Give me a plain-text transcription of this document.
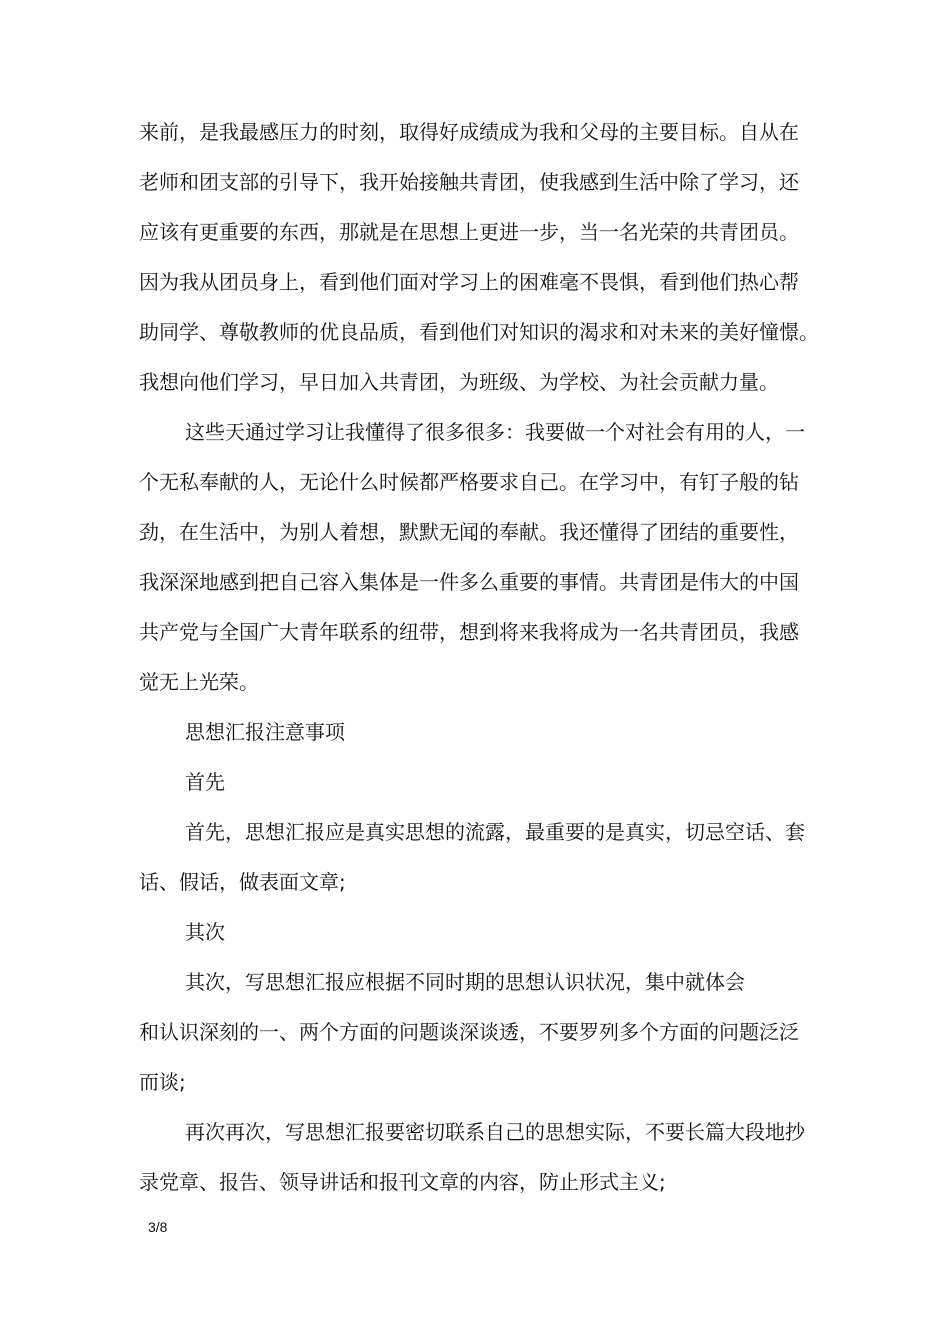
来前，是我最感压力的时刻，取得好成绩成为我和父母的主要目标。自从在
老师和团支部的引导下，我开始接触共青团，使我感到生活中除了学习，还
应该有更重要的东西，那就是在思想上更进一步，当一名光荣的共青团员。
因为我从团员身上，看到他们面对学习上的困难毫不畏惧，看到他们热心帮
助同学、尊敬教师的优良品质，看到他们对知识的渴求和对未来的美好憧憬。
我想向他们学习，早日加入共青团，为班级、为学校、为社会贡献力量。
这些天通过学习让我懂得了很多很多：我要做一个对社会有用的人，一
个无私奉献的人，无论什么时候都严格要求自己。在学习中，有钉子般的钻
劲，在生活中，为别人着想，默默无闻的奉献。我还懂得了团结的重要性，
我深深地感到把自己容入集体是一件多么重要的事情。共青团是伟大的中国
共产党与全国广大青年联系的纽带，想到将来我将成为一名共青团员，我感
觉无上光荣。
思想汇报注意事项
首先
首先，思想汇报应是真实思想的流露，最重要的是真实，切忌空话、套
话、假话，做表面文章;
其次
其次，写思想汇报应根据不同时期的思想认识状况，集中就体会
和认识深刻的一、两个方面的问题谈深谈透，不要罗列多个方面的问题泛泛
而谈;
再次再次，写思想汇报要密切联系自己的思想实际，不要长篇大段地抄
录党章、报告、领导讲话和报刊文章的内容，防止形式主义;
3/8
